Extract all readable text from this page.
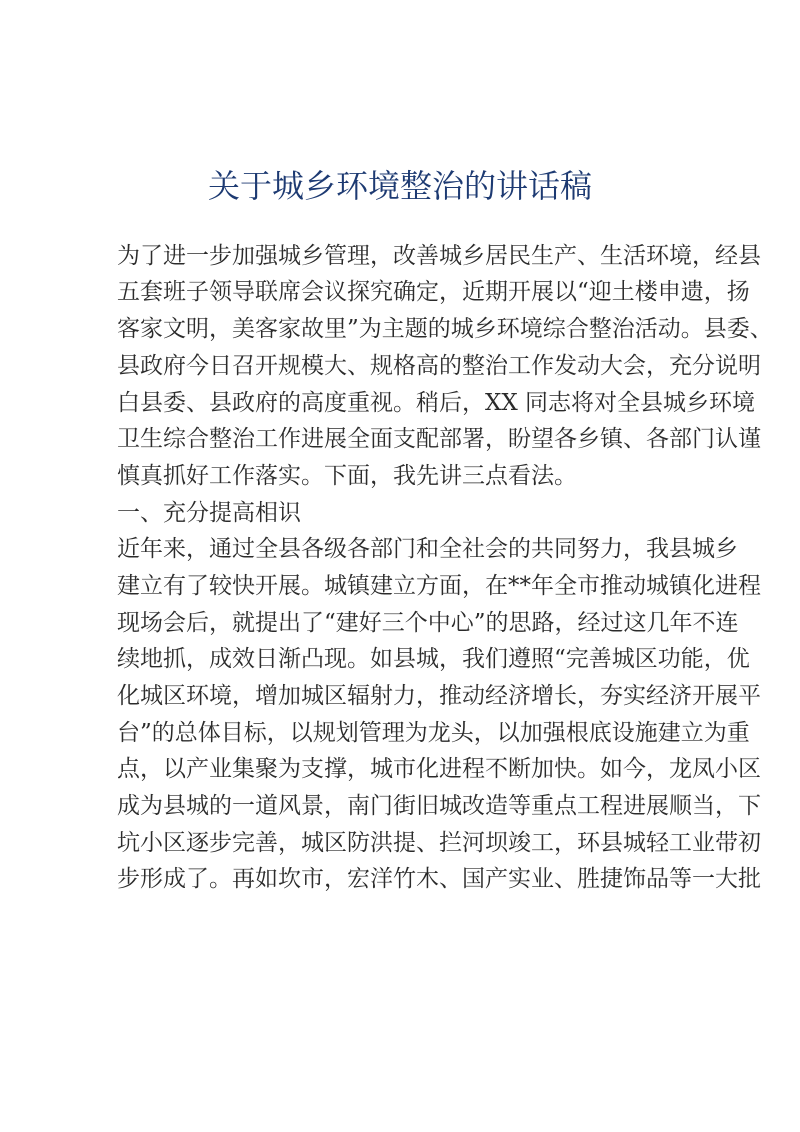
关于城乡环境整治的讲话稿
为了进一步加强城乡管理，改善城乡居民生产、生活环境，经县
五套班子领导联席会议探究确定，近期开展以“迎土楼申遗，扬
客家文明，美客家故里”为主题的城乡环境综合整治活动。县委、
县政府今日召开规模大、规格高的整治工作发动大会，充分说明
白县委、县政府的高度重视。稍后，XX 同志将对全县城乡环境
卫生综合整治工作进展全面支配部署，盼望各乡镇、各部门认谨
慎真抓好工作落实。下面，我先讲三点看法。
一、充分提高相识
近年来，通过全县各级各部门和全社会的共同努力，我县城乡
建立有了较快开展。城镇建立方面，在**年全市推动城镇化进程
现场会后，就提出了“建好三个中心”的思路，经过这几年不连
续地抓，成效日渐凸现。如县城，我们遵照“完善城区功能，优
化城区环境，增加城区辐射力，推动经济增长，夯实经济开展平
台”的总体目标，以规划管理为龙头，以加强根底设施建立为重
点，以产业集聚为支撑，城市化进程不断加快。如今，龙凤小区
成为县城的一道风景，南门街旧城改造等重点工程进展顺当，下
坑小区逐步完善，城区防洪提、拦河坝竣工，环县城轻工业带初
步形成了。再如坎市，宏洋竹木、国产实业、胜捷饰品等一大批
